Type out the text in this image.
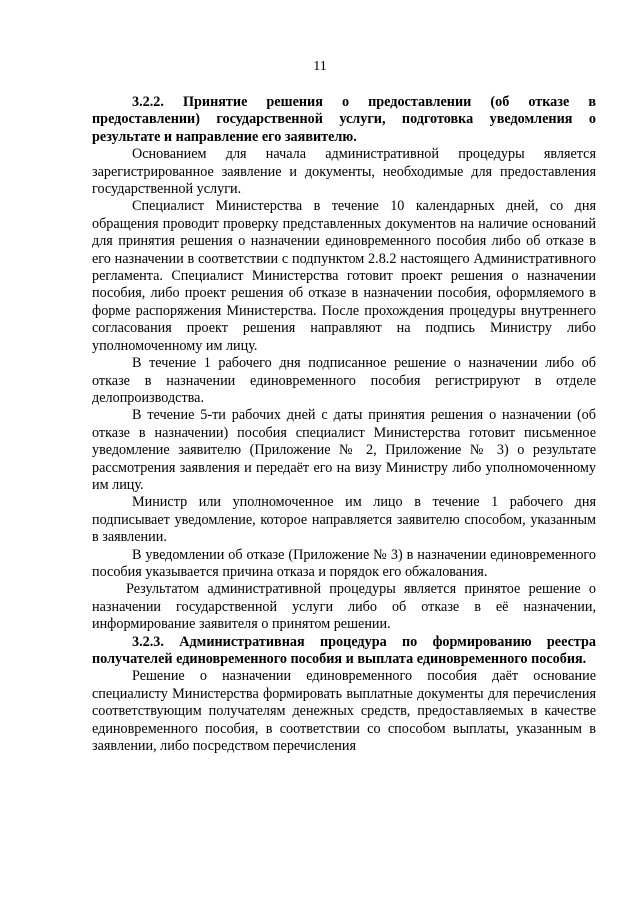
11

3.2.2. Принятие решения о предоставлении (об отказе в предоставлении) государственной услуги, подготовка уведомления о результате и направление его заявителю.

Основанием для начала административной процедуры является зарегистрированное заявление и документы, необходимые для предоставления государственной услуги.

Специалист Министерства в течение 10 календарных дней, со дня обращения проводит проверку представленных документов на наличие оснований для принятия решения о назначении единовременного пособия либо об отказе в его назначении в соответствии с подпунктом 2.8.2 настоящего Административного регламента. Специалист Министерства готовит проект решения о назначении пособия, либо проект решения об отказе в назначении пособия, оформляемого в форме распоряжения Министерства. После прохождения процедуры внутреннего согласования проект решения направляют на подпись Министру либо уполномоченному им лицу.

В течение 1 рабочего дня подписанное решение о назначении либо об отказе в назначении единовременного пособия регистрируют в отделе делопроизводства.

В течение 5-ти рабочих дней с даты принятия решения о назначении (об отказе в назначении) пособия специалист Министерства готовит письменное уведомление заявителю (Приложение № 2, Приложение № 3) о результате рассмотрения заявления и передаёт его на визу Министру либо уполномоченному им лицу.

Министр или уполномоченное им лицо в течение 1 рабочего дня подписывает уведомление, которое направляется заявителю способом, указанным в заявлении.

В уведомлении об отказе (Приложение № 3) в назначении единовременного пособия указывается причина отказа и порядок его обжалования.

Результатом административной процедуры является принятое решение о назначении государственной услуги либо об отказе в её назначении, информирование заявителя о принятом решении.

3.2.3. Административная процедура по формированию реестра получателей единовременного пособия и выплата единовременного пособия.

Решение о назначении единовременного пособия даёт основание специалисту Министерства формировать выплатные документы для перечисления соответствующим получателям денежных средств, предоставляемых в качестве единовременного пособия, в соответствии со способом выплаты, указанным в заявлении, либо посредством перечисления
